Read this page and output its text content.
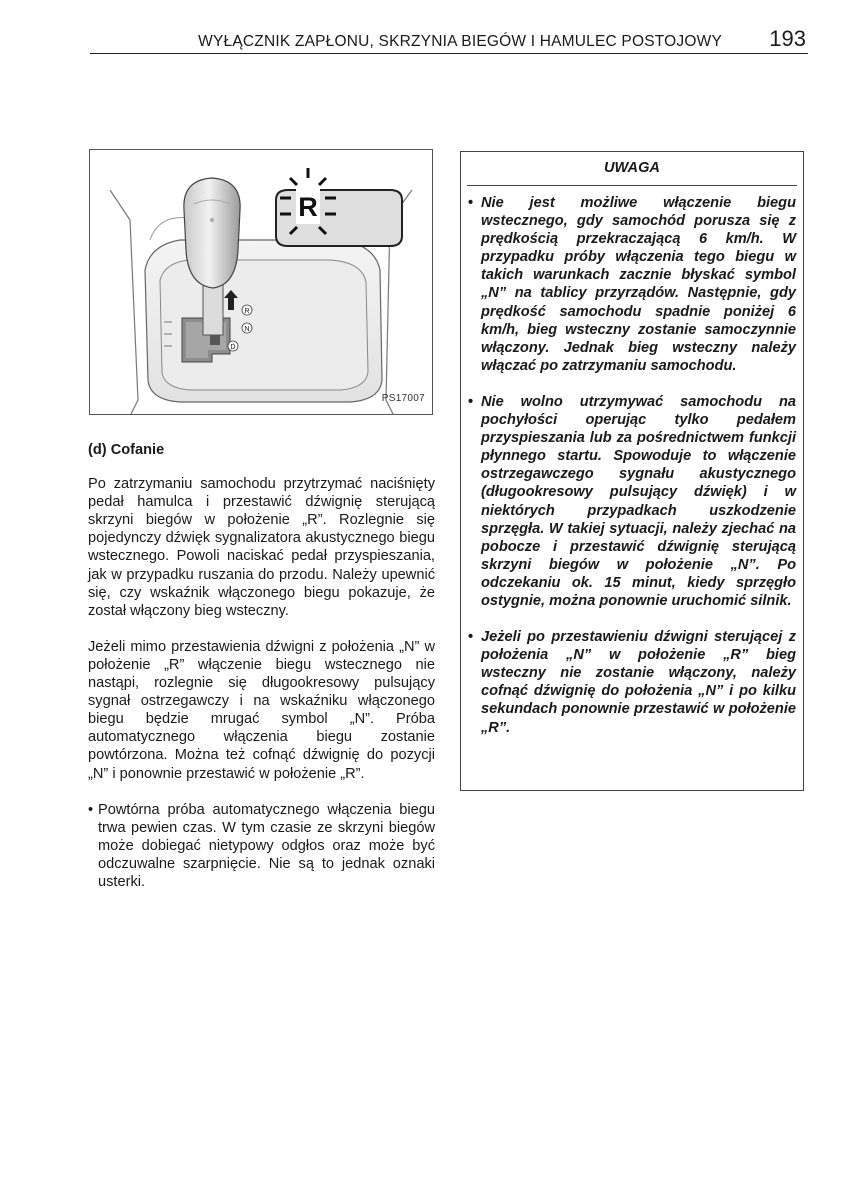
WYŁĄCZNIK ZAPŁONU, SKRZYNIA BIEGÓW I HAMULEC POSTOJOWY 193
R
N
D
R
PS17007
(d) Cofanie

Po zatrzymaniu samochodu przytrzymać naciśnięty pedał hamulca i przestawić dźwignię sterującą skrzyni biegów w położenie „R”. Rozlegnie się pojedynczy dźwięk sygnalizatora akustycznego biegu wstecznego. Powoli naciskać pedał przyspieszania, jak w przypadku ruszania do przodu. Należy upewnić się, czy wskaźnik włączonego biegu pokazuje, że został włączony bieg wsteczny.

Jeżeli mimo przestawienia dźwigni z położenia „N” w położenie „R” włączenie biegu wstecznego nie nastąpi, rozlegnie się długookresowy pulsujący sygnał ostrzegawczy i na wskaźniku włączonego biegu będzie mrugać symbol „N”. Próba automatycznego włączenia biegu zostanie powtórzona. Można też cofnąć dźwignię do pozycji „N” i ponownie przestawić w położenie „R”.

• Powtórna próba automatycznego włączenia biegu trwa pewien czas. W tym czasie ze skrzyni biegów może dobiegać nietypowy odgłos oraz może być odczuwalne szarpnięcie. Nie są to jednak oznaki usterki.
UWAGA
• Nie jest możliwe włączenie biegu wstecznego, gdy samochód porusza się z prędkością przekraczającą 6 km/h. W przypadku próby włączenia tego biegu w takich warunkach zacznie błyskać symbol „N” na tablicy przyrządów. Następnie, gdy prędkość samochodu spadnie poniżej 6 km/h, bieg wsteczny zostanie samoczynnie włączony. Jednak bieg wsteczny należy włączać po zatrzymaniu samochodu.
• Nie wolno utrzymywać samochodu na pochyłości operując tylko pedałem przyspieszania lub za pośrednictwem funkcji płynnego startu. Spowoduje to włączenie ostrzegawczego sygnału akustycznego (długookresowy pulsujący dźwięk) i w niektórych przypadkach uszkodzenie sprzęgła. W takiej sytuacji, należy zjechać na pobocze i przestawić dźwignię sterującą skrzyni biegów w położenie „N”. Po odczekaniu ok. 15 minut, kiedy sprzęgło ostygnie, można ponownie uruchomić silnik.
• Jeżeli po przestawieniu dźwigni sterującej z położenia „N” w położenie „R” bieg wsteczny nie zostanie włączony, należy cofnąć dźwignię do położenia „N” i po kilku sekundach ponownie przestawić w położenie „R”.
